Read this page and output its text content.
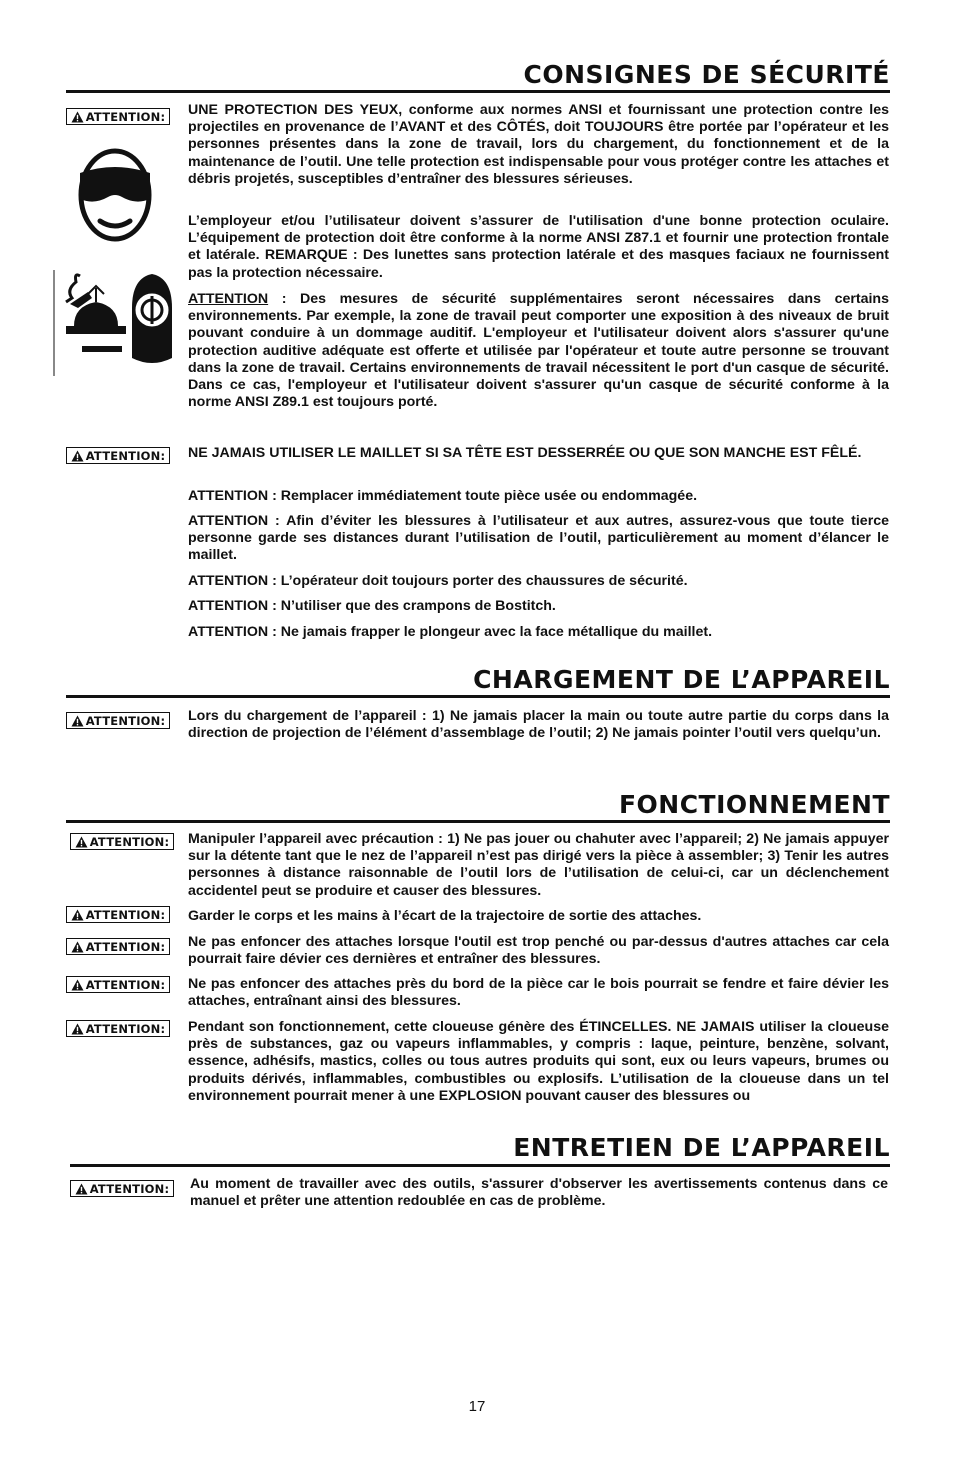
CONSIGNES DE SÉCURITÉ
ATTENTION: UNE PROTECTION DES YEUX, conforme aux normes ANSI et fournissant une protection contre les projectiles en provenance de l’AVANT et des CÔTÉS, doit TOUJOURS être portée par l’opérateur et les personnes présentes dans la zone de travail, lors du chargement, du fonctionnement et de la maintenance de l’outil. Une telle protection est indispensable pour vous protéger contre les attaches et débris projetés, susceptibles d’entraîner des blessures sérieuses.
L’employeur et/ou l’utilisateur doivent s’assurer de l'utilisation d'une bonne protection oculaire. L’équipement de protection doit être conforme à la norme ANSI Z87.1 et fournir une protection frontale et latérale. REMARQUE : Des lunettes sans protection latérale et des masques faciaux ne fournissent pas la protection nécessaire.
ATTENTION : Des mesures de sécurité supplémentaires seront nécessaires dans certains environnements. Par exemple, la zone de travail peut comporter une exposition à des niveaux de bruit pouvant conduire à un dommage auditif. L'employeur et l'utilisateur doivent alors s'assurer qu'une protection auditive adéquate est offerte et utilisée par l'opérateur et toute autre personne se trouvant dans la zone de travail. Certains environnements de travail nécessitent le port d'un casque de sécurité. Dans ce cas, l'employeur et l'utilisateur doivent s'assurer qu'un casque de sécurité conforme à la norme ANSI Z89.1 est toujours porté.
ATTENTION: NE JAMAIS UTILISER LE MAILLET SI SA TÊTE EST DESSERRÉE OU QUE SON MANCHE EST FÊLÉ.
ATTENTION : Remplacer immédiatement toute pièce usée ou endommagée.
ATTENTION : Afin d’éviter les blessures à l’utilisateur et aux autres, assurez-vous que toute tierce personne garde ses distances durant l’utilisation de l’outil, particulièrement au moment d’élancer le maillet.
ATTENTION : L’opérateur doit toujours porter des chaussures de sécurité.
ATTENTION : N’utiliser que des crampons de Bostitch.
ATTENTION : Ne jamais frapper le plongeur avec la face métallique du maillet.
CHARGEMENT DE L’APPAREIL
ATTENTION: Lors du chargement de l’appareil : 1) Ne jamais placer la main ou toute autre partie du corps dans la direction de projection de l’élément d’assemblage de l’outil; 2) Ne jamais pointer l’outil vers quelqu’un.
FONCTIONNEMENT
ATTENTION: Manipuler l’appareil avec précaution : 1) Ne pas jouer ou chahuter avec l’appareil; 2) Ne jamais appuyer sur la détente tant que le nez de l’appareil n’est pas dirigé vers la pièce à assembler; 3) Tenir les autres personnes à distance raisonnable de l’outil lors de l’utilisation de celui-ci, car un déclenchement accidentel peut se produire et causer des blessures.
ATTENTION: Garder le corps et les mains à l’écart de la trajectoire de sortie des attaches.
ATTENTION: Ne pas enfoncer des attaches lorsque l'outil est trop penché ou par-dessus d'autres attaches car cela pourrait faire dévier ces dernières et entraîner des blessures.
ATTENTION: Ne pas enfoncer des attaches près du bord de la pièce car le bois pourrait se fendre et faire dévier les attaches, entraînant ainsi des blessures.
ATTENTION: Pendant son fonctionnement, cette cloueuse génère des ÉTINCELLES. NE JAMAIS utiliser la cloueuse près de substances, gaz ou vapeurs inflammables, y compris : laque, peinture, benzène, solvant, essence, adhésifs, mastics, colles ou tous autres produits qui sont, eux ou leurs vapeurs, brumes ou produits dérivés, inflammables, combustibles ou explosifs. L’utilisation de la cloueuse dans un tel environnement pourrait mener à une EXPLOSION pouvant causer des blessures ou
ENTRETIEN DE L’APPAREIL
ATTENTION: Au moment de travailler avec des outils, s'assurer d'observer les avertissements contenus dans ce manuel et prêter une attention redoublée en cas de problème.
17
